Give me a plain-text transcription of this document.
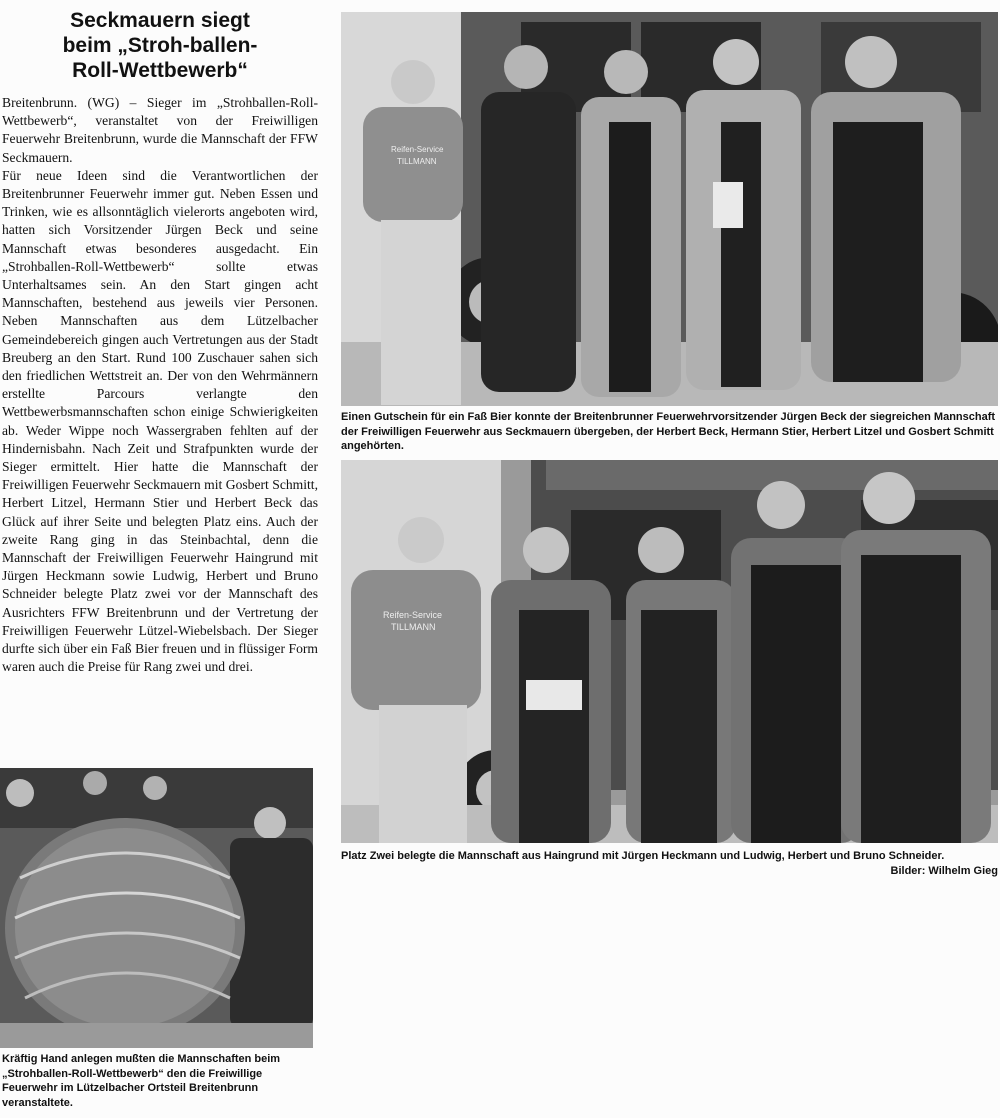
Seckmauern siegt
beim „Stroh-ballen-
Roll-Wettbewerb“

Breitenbrunn. (WG) – Sieger im „Strohballen-Roll-Wettbewerb“, veranstaltet von der Freiwilligen Feuerwehr Breitenbrunn, wurde die Mannschaft der FFW Seckmauern.

Für neue Ideen sind die Verantwortlichen der Breitenbrunner Feuerwehr immer gut. Neben Essen und Trinken, wie es allsonntäglich vielerorts angeboten wird, hatten sich Vorsitzender Jürgen Beck und seine Mannschaft etwas besonderes ausgedacht. Ein „Strohballen-Roll-Wettbewerb“ sollte etwas Unterhaltsames sein. An den Start gingen acht Mannschaften, bestehend aus jeweils vier Personen. Neben Mannschaften aus dem Lützelbacher Gemeindebereich gingen auch Vertretungen aus der Stadt Breuberg an den Start. Rund 100 Zuschauer sahen sich den friedlichen Wettstreit an. Der von den Wehrmännern erstellte Parcours verlangte den Wettbewerbsmannschaften schon einige Schwierigkeiten ab. Weder Wippe noch Wassergraben fehlten auf der Hindernisbahn. Nach Zeit und Strafpunkten wurde der Sieger ermittelt. Hier hatte die Mannschaft der Freiwilligen Feuerwehr Seckmauern mit Gosbert Schmitt, Herbert Litzel, Hermann Stier und Herbert Beck das Glück auf ihrer Seite und belegten Platz eins. Auch der zweite Rang ging in das Steinbachtal, denn die Mannschaft der Freiwilligen Feuerwehr Haingrund mit Jürgen Heckmann sowie Ludwig, Herbert und Bruno Schneider belegte Platz zwei vor der Mannschaft des Ausrichters FFW Breitenbrunn und der Vertretung der Freiwilligen Feuerwehr Lützel-Wiebelsbach. Der Sieger durfte sich über ein Faß Bier freuen und in flüssiger Form waren auch die Preise für Rang zwei und drei.

Reifen-Service
TILLMANN
Einen Gutschein für ein Faß Bier konnte der Breitenbrunner Feuerwehrvorsitzender Jürgen Beck der siegreichen Mannschaft der Freiwilligen Feuerwehr aus Seckmauern übergeben, der Herbert Beck, Hermann Stier, Herbert Litzel und Gosbert Schmitt angehörten.
Reifen-Service
TILLMANN
Platz Zwei belegte die Mannschaft aus Haingrund mit Jürgen Heckmann und Ludwig, Herbert und Bruno Schneider.
Bilder: Wilhelm Gieg
Kräftig Hand anlegen mußten die Mannschaften beim „Strohballen-Roll-Wettbewerb“ den die Freiwillige Feuerwehr im Lützelbacher Ortsteil Breitenbrunn veranstaltete.
